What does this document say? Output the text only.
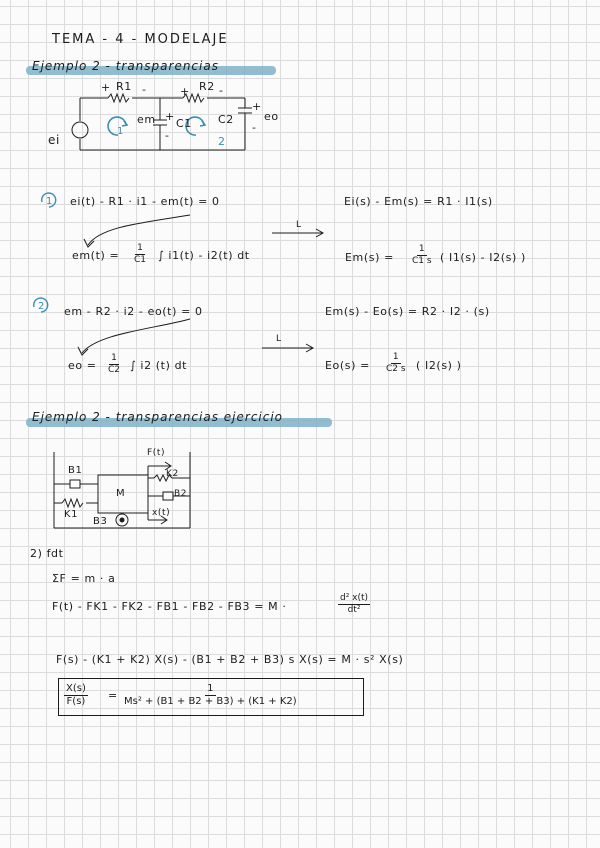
TEMA - 4 - MODELAJE
Ejemplo 2 - transparencias
ei
+ R1 -	+ R2 -
em +
C1
-
+
C2
-
eo
1
2
1 ei(t) - R1 · i1 - em(t) = 0	Ei(s) - Em(s) = R1 · I1(s)
L
$em(t) = \frac{1}{C1}$ ∫ i1(t) - i2(t) dt	$Em(s) = \frac{1}{C1 s}$ ( I1(s) - I2(s) )
2 em - R2 · i2 - eo(t) = 0	Em(s) - Eo(s) = R2 · I2 · (s)
L
eo = $\frac{1}{C2}$ ∫ i2 (t) dt	$Eo(s) = \frac{1}{C2 s}$ ( I2(s) )
Ejemplo 2 - transparencias ejercicio
B1
K1
B3
M
F(t)
K2
B2
x(t)
2) fdt
ΣF = m · a
F(t) - FK1 - FK2 - FB1 - FB2 - FB3 = M ·	$\frac{\text{d² x(t)}}{\text{dt²}}$
F(s) - (K1 + K2) X(s) - (B1 + B2 + B3) s X(s) = M · s² X(s)
$\frac{X(s)}{F(s)} = \frac{1}{\text{Ms² + (B1 + B2 + B3) + (K1 + K2)}}$
